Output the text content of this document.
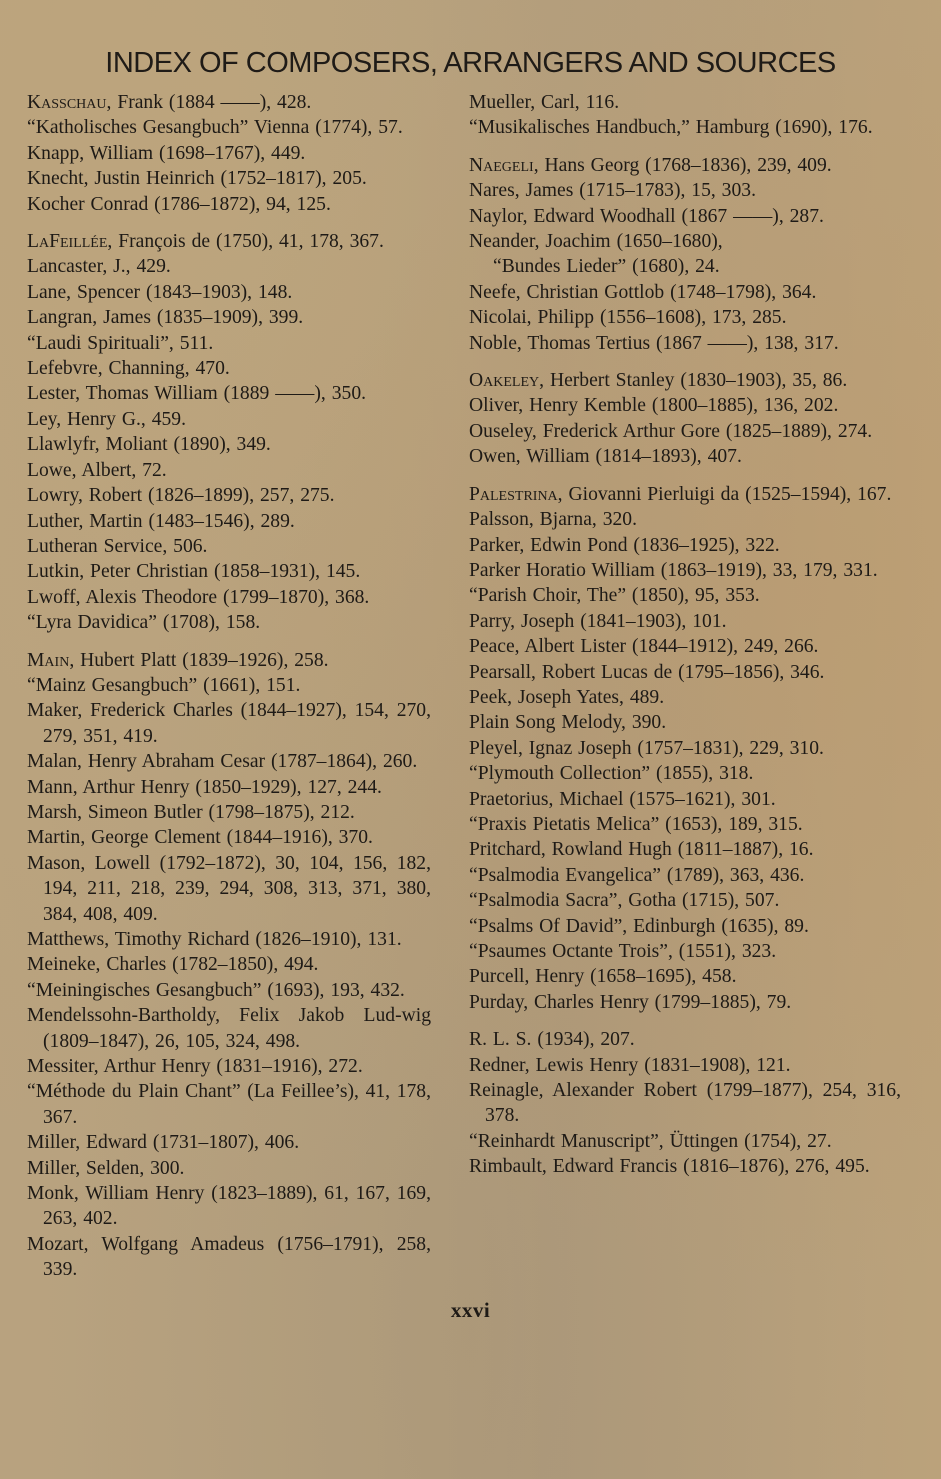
INDEX OF COMPOSERS, ARRANGERS AND SOURCES
Kasschau, Frank (1884 ——), 428.
“Katholisches Gesangbuch” Vienna (1774), 57.
Knapp, William (1698–1767), 449.
Knecht, Justin Heinrich (1752–1817), 205.
Kocher Conrad (1786–1872), 94, 125.
LaFeillée, François de (1750), 41, 178, 367.
Lancaster, J., 429.
Lane, Spencer (1843–1903), 148.
Langran, James (1835–1909), 399.
“Laudi Spirituali”, 511.
Lefebvre, Channing, 470.
Lester, Thomas William (1889 ——), 350.
Ley, Henry G., 459.
Llawlyfr, Moliant (1890), 349.
Lowe, Albert, 72.
Lowry, Robert (1826–1899), 257, 275.
Luther, Martin (1483–1546), 289.
Lutheran Service, 506.
Lutkin, Peter Christian (1858–1931), 145.
Lwoff, Alexis Theodore (1799–1870), 368.
“Lyra Davidica” (1708), 158.
Main, Hubert Platt (1839–1926), 258.
“Mainz Gesangbuch” (1661), 151.
Maker, Frederick Charles (1844–1927), 154, 270, 279, 351, 419.
Malan, Henry Abraham Cesar (1787–1864), 260.
Mann, Arthur Henry (1850–1929), 127, 244.
Marsh, Simeon Butler (1798–1875), 212.
Martin, George Clement (1844–1916), 370.
Mason, Lowell (1792–1872), 30, 104, 156, 182, 194, 211, 218, 239, 294, 308, 313, 371, 380, 384, 408, 409.
Matthews, Timothy Richard (1826–1910), 131.
Meineke, Charles (1782–1850), 494.
“Meiningisches Gesangbuch” (1693), 193, 432.
Mendelssohn-Bartholdy, Felix Jakob Lud-wig (1809–1847), 26, 105, 324, 498.
Messiter, Arthur Henry (1831–1916), 272.
“Méthode du Plain Chant” (La Feillee’s), 41, 178, 367.
Miller, Edward (1731–1807), 406.
Miller, Selden, 300.
Monk, William Henry (1823–1889), 61, 167, 169, 263, 402.
Mozart, Wolfgang Amadeus (1756–1791), 258, 339.
Mueller, Carl, 116.
“Musikalisches Handbuch,” Hamburg (1690), 176.
Naegeli, Hans Georg (1768–1836), 239, 409.
Nares, James (1715–1783), 15, 303.
Naylor, Edward Woodhall (1867 ——), 287.
Neander, Joachim (1650–1680),
“Bundes Lieder” (1680), 24.
Neefe, Christian Gottlob (1748–1798), 364.
Nicolai, Philipp (1556–1608), 173, 285.
Noble, Thomas Tertius (1867 ——), 138, 317.
Oakeley, Herbert Stanley (1830–1903), 35, 86.
Oliver, Henry Kemble (1800–1885), 136, 202.
Ouseley, Frederick Arthur Gore (1825–1889), 274.
Owen, William (1814–1893), 407.
Palestrina, Giovanni Pierluigi da (1525–1594), 167.
Palsson, Bjarna, 320.
Parker, Edwin Pond (1836–1925), 322.
Parker Horatio William (1863–1919), 33, 179, 331.
“Parish Choir, The” (1850), 95, 353.
Parry, Joseph (1841–1903), 101.
Peace, Albert Lister (1844–1912), 249, 266.
Pearsall, Robert Lucas de (1795–1856), 346.
Peek, Joseph Yates, 489.
Plain Song Melody, 390.
Pleyel, Ignaz Joseph (1757–1831), 229, 310.
“Plymouth Collection” (1855), 318.
Praetorius, Michael (1575–1621), 301.
“Praxis Pietatis Melica” (1653), 189, 315.
Pritchard, Rowland Hugh (1811–1887), 16.
“Psalmodia Evangelica” (1789), 363, 436.
“Psalmodia Sacra”, Gotha (1715), 507.
“Psalms Of David”, Edinburgh (1635), 89.
“Psaumes Octante Trois”, (1551), 323.
Purcell, Henry (1658–1695), 458.
Purday, Charles Henry (1799–1885), 79.
R. L. S. (1934), 207.
Redner, Lewis Henry (1831–1908), 121.
Reinagle, Alexander Robert (1799–1877), 254, 316, 378.
“Reinhardt Manuscript”, Üttingen (1754), 27.
Rimbault, Edward Francis (1816–1876), 276, 495.
xxvi
